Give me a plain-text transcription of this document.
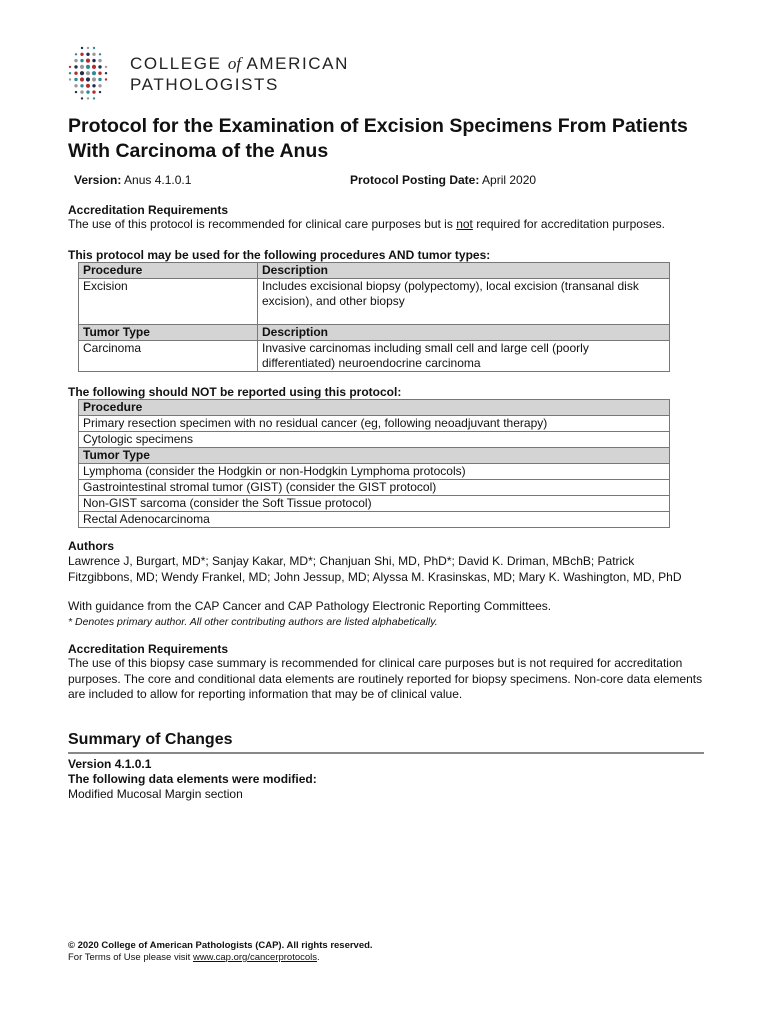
COLLEGE of AMERICAN
PATHOLOGISTS
Protocol for the Examination of Excision Specimens From Patients With Carcinoma of the Anus
Version: Anus 4.1.0.1	Protocol Posting Date: April 2020
Accreditation Requirements
The use of this protocol is recommended for clinical care purposes but is not required for accreditation purposes.
This protocol may be used for the following procedures AND tumor types:
Procedure	Description
Excision	Includes excisional biopsy (polypectomy), local excision (transanal disk excision), and other biopsy
Tumor Type	Description
Carcinoma	Invasive carcinomas including small cell and large cell (poorly differentiated) neuroendocrine carcinoma
The following should NOT be reported using this protocol:
Procedure
Primary resection specimen with no residual cancer (eg, following neoadjuvant therapy)
Cytologic specimens
Tumor Type
Lymphoma (consider the Hodgkin or non-Hodgkin Lymphoma protocols)
Gastrointestinal stromal tumor (GIST) (consider the GIST protocol)
Non-GIST sarcoma (consider the Soft Tissue protocol)
Rectal Adenocarcinoma
Authors
Lawrence J, Burgart, MD*; Sanjay Kakar, MD*; Chanjuan Shi, MD, PhD*; David K. Driman, MBchB; Patrick Fitzgibbons, MD; Wendy Frankel, MD; John Jessup, MD; Alyssa M. Krasinskas, MD; Mary K. Washington, MD, PhD
With guidance from the CAP Cancer and CAP Pathology Electronic Reporting Committees.
* Denotes primary author. All other contributing authors are listed alphabetically.
Accreditation Requirements
The use of this biopsy case summary is recommended for clinical care purposes but is not required for accreditation purposes. The core and conditional data elements are routinely reported for biopsy specimens. Non-core data elements are included to allow for reporting information that may be of clinical value.
Summary of Changes
Version 4.1.0.1
The following data elements were modified:
Modified Mucosal Margin section
© 2020 College of American Pathologists (CAP). All rights reserved.
For Terms of Use please visit www.cap.org/cancerprotocols.
